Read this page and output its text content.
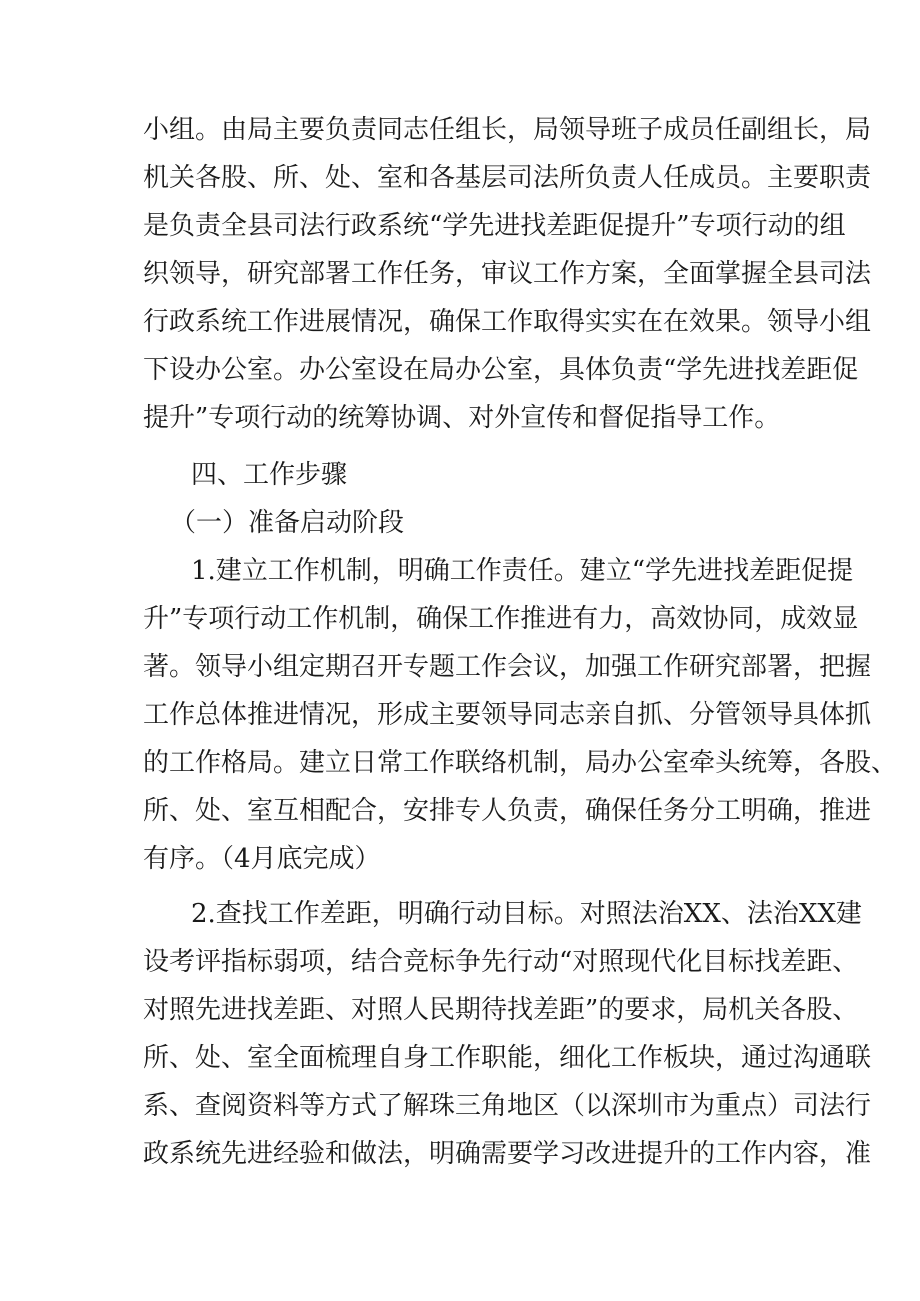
小组。由局主要负责同志任组长，局领导班子成员任副组长，局
机关各股、所、处、室和各基层司法所负责人任成员。主要职责
是负责全县司法行政系统“学先进找差距促提升”专项行动的组
织领导，研究部署工作任务，审议工作方案，全面掌握全县司法
行政系统工作进展情况，确保工作取得实实在在效果。领导小组
下设办公室。办公室设在局办公室，具体负责“学先进找差距促
提升”专项行动的统筹协调、对外宣传和督促指导工作。
四、工作步骤
（一）准备启动阶段
1.建立工作机制，明确工作责任。建立“学先进找差距促提
升”专项行动工作机制，确保工作推进有力，高效协同，成效显
著。领导小组定期召开专题工作会议，加强工作研究部署，把握
工作总体推进情况，形成主要领导同志亲自抓、分管领导具体抓
的工作格局。建立日常工作联络机制，局办公室牵头统筹，各股、
所、处、室互相配合，安排专人负责，确保任务分工明确，推进
有序。（4月底完成）
2.查找工作差距，明确行动目标。对照法治XX、法治XX建
设考评指标弱项，结合竞标争先行动“对照现代化目标找差距、
对照先进找差距、对照人民期待找差距”的要求，局机关各股、
所、处、室全面梳理自身工作职能，细化工作板块，通过沟通联
系、查阅资料等方式了解珠三角地区（以深圳市为重点）司法行
政系统先进经验和做法，明确需要学习改进提升的工作内容，准
